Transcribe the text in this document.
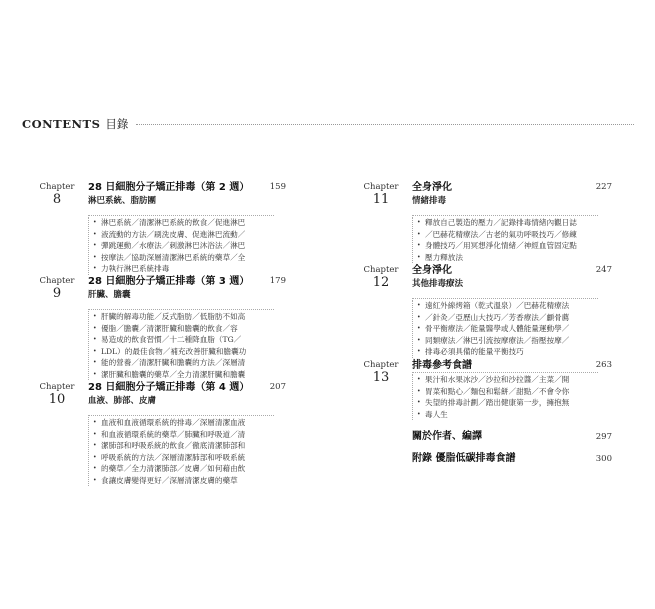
CONTENTS 目錄
Chapter
8
28 日細胞分子矯正排毒（第 2 週）
淋巴系統、脂肪團
159
• 淋巴系統／清潔淋巴系統的飲食／促進淋巴
• 液流動的方法／刷洗皮膚、促進淋巴流動／
• 彈跳運動／水療法／刺激淋巴沐浴法／淋巴
• 按摩法／協助深層清潔淋巴系統的藥草／全
• 力執行淋巴系統排毒
Chapter
9
28 日細胞分子矯正排毒（第 3 週）
肝臟、膽囊
179
• 肝臟的解毒功能／反式脂肪／低脂肪不如高
• 優脂／膽囊／清潔肝臟和膽囊的飲食／容
• 易造成的飲食習慣／十二種降血脂（TG／
• LDL）的最佳食物／補充改善肝臟和膽囊功
• 能的營養／清潔肝臟和膽囊的方法／深層清
• 潔肝臟和膽囊的藥草／全力清潔肝臟和膽囊
Chapter
10
28 日細胞分子矯正排毒（第 4 週）
血液、肺部、皮膚
207
• 血液和血液循環系統的排毒／深層清潔血液
• 和血液循環系統的藥草／肺臟和呼吸道／清
• 潔肺部和呼吸系統的飲食／徹底清潔肺部和
• 呼吸系統的方法／深層清潔肺部和呼吸系統
• 的藥草／全力清潔肺部／皮膚／如何藉由飲
• 食讓皮膚變得更好／深層清潔皮膚的藥草
Chapter
11
全身淨化
情緒排毒
227
• 釋放自己製造的壓力／記錄排毒情緒內觀日誌
• ／巴赫花精療法／古老的氣功呼吸技巧／修練
• 身體技巧／用冥想淨化情緒／神經血管固定點
• 壓力釋放法
Chapter
12
全身淨化
其他排毒療法
247
• 遠紅外線烤箱（乾式溫泉）／巴赫花精療法
• ／針灸／亞歷山大技巧／芳香療法／顱骨薦
• 骨平衡療法／能量醫學或人體能量運動學／
• 同類療法／淋巴引流按摩療法／指壓按摩／
• 排毒必須具備的能量平衡技巧
Chapter
13
排毒參考食譜	263
• 果汁和水果冰沙／沙拉和沙拉醬／主菜／開
• 胃菜和點心／麵包和鬆餅／甜點／不會令你
• 失望的排毒計劃／踏出健康第一步，擁抱無
• 毒人生
關於作者、編譯	297
附錄 優脂低碳排毒食譜	300
